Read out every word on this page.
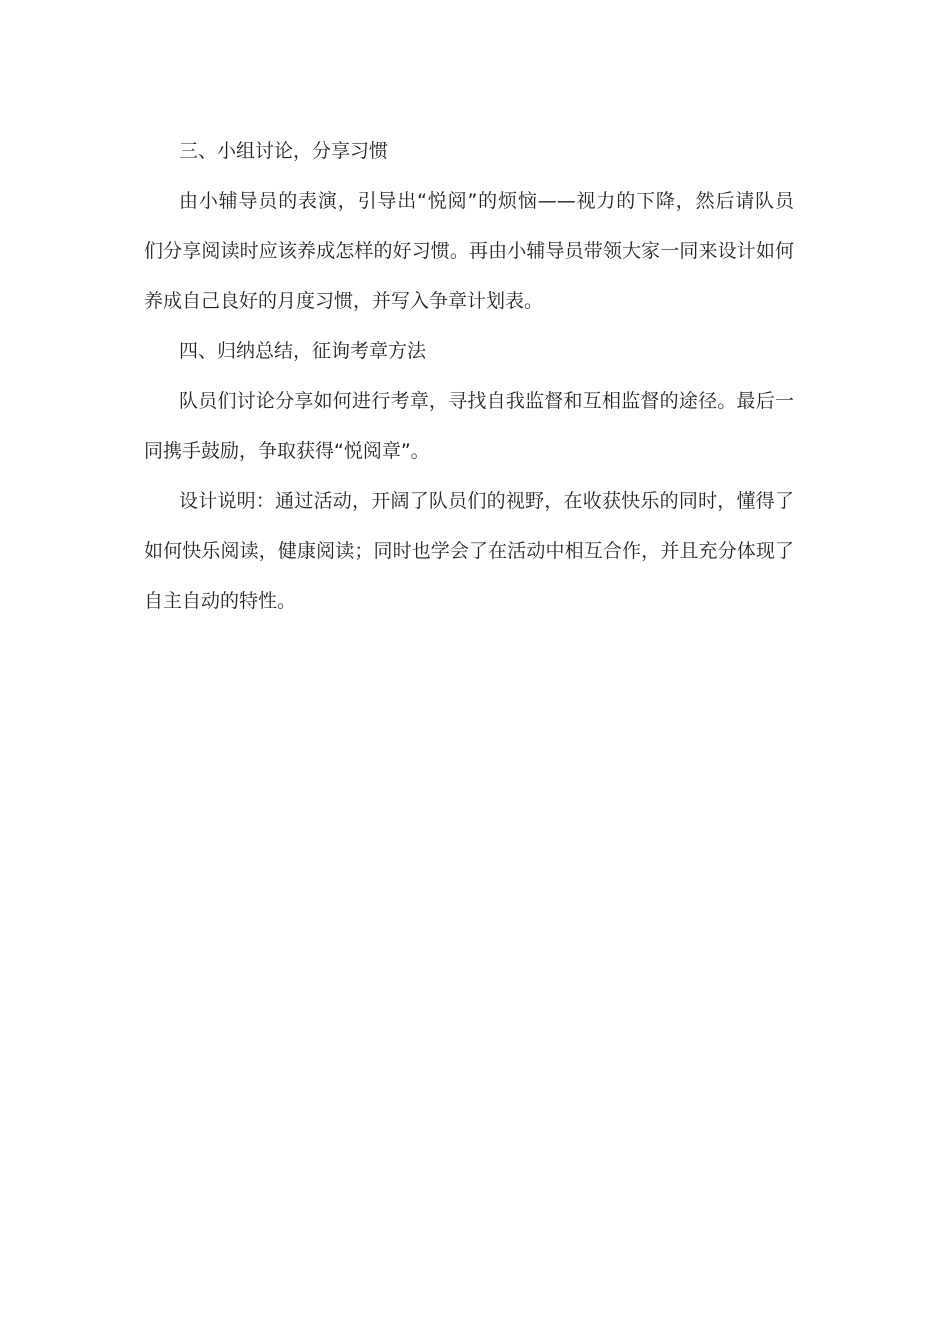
三、小组讨论，分享习惯
由小辅导员的表演，引导出“悦阅”的烦恼——视力的下降，然后请队员
们分享阅读时应该养成怎样的好习惯。再由小辅导员带领大家一同来设计如何
养成自己良好的月度习惯，并写入争章计划表。
四、归纳总结，征询考章方法
队员们讨论分享如何进行考章，寻找自我监督和互相监督的途径。最后一
同携手鼓励，争取获得“悦阅章”。
设计说明：通过活动，开阔了队员们的视野，在收获快乐的同时，懂得了
如何快乐阅读，健康阅读；同时也学会了在活动中相互合作，并且充分体现了
自主自动的特性。
